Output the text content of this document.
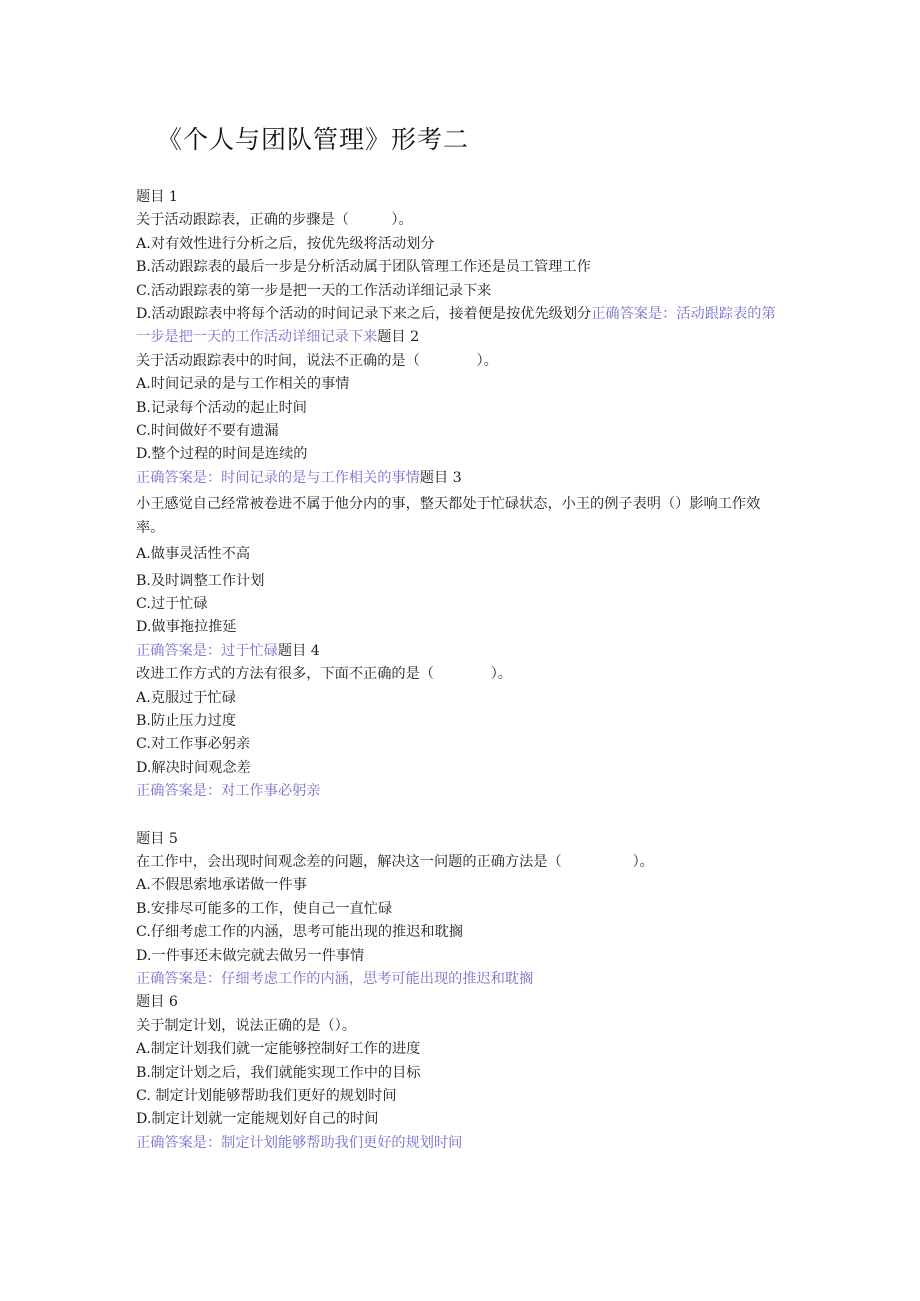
《个人与团队管理》形考二
题目 1
关于活动跟踪表，正确的步骤是（　　　）。
A.对有效性进行分析之后，按优先级将活动划分
B.活动跟踪表的最后一步是分析活动属于团队管理工作还是员工管理工作
C.活动跟踪表的第一步是把一天的工作活动详细记录下来
D.活动跟踪表中将每个活动的时间记录下来之后，接着便是按优先级划分正确答案是：活动跟踪表的第一步是把一天的工作活动详细记录下来题目 2
关于活动跟踪表中的时间，说法不正确的是（　　　　）。
A.时间记录的是与工作相关的事情
B.记录每个活动的起止时间
C.时间做好不要有遗漏
D.整个过程的时间是连续的
正确答案是：时间记录的是与工作相关的事情题目 3
小王感觉自己经常被卷进不属于他分内的事，整天都处于忙碌状态，小王的例子表明（）影响工作效率。
A.做事灵活性不高
B.及时调整工作计划
C.过于忙碌
D.做事拖拉推延
正确答案是：过于忙碌题目 4
改进工作方式的方法有很多，下面不正确的是（　　　　）。
A.克服过于忙碌
B.防止压力过度
C.对工作事必躬亲
D.解决时间观念差
正确答案是：对工作事必躬亲
题目 5
在工作中，会出现时间观念差的问题，解决这一问题的正确方法是（　　　　　）。
A.不假思索地承诺做一件事
B.安排尽可能多的工作，使自己一直忙碌
C.仔细考虑工作的内涵，思考可能出现的推迟和耽搁
D.一件事还未做完就去做另一件事情
正确答案是：仔细考虑工作的内涵，思考可能出现的推迟和耽搁
题目 6
关于制定计划，说法正确的是（）。
A.制定计划我们就一定能够控制好工作的进度
B.制定计划之后，我们就能实现工作中的目标
C. 制定计划能够帮助我们更好的规划时间
D.制定计划就一定能规划好自己的时间
正确答案是：制定计划能够帮助我们更好的规划时间
